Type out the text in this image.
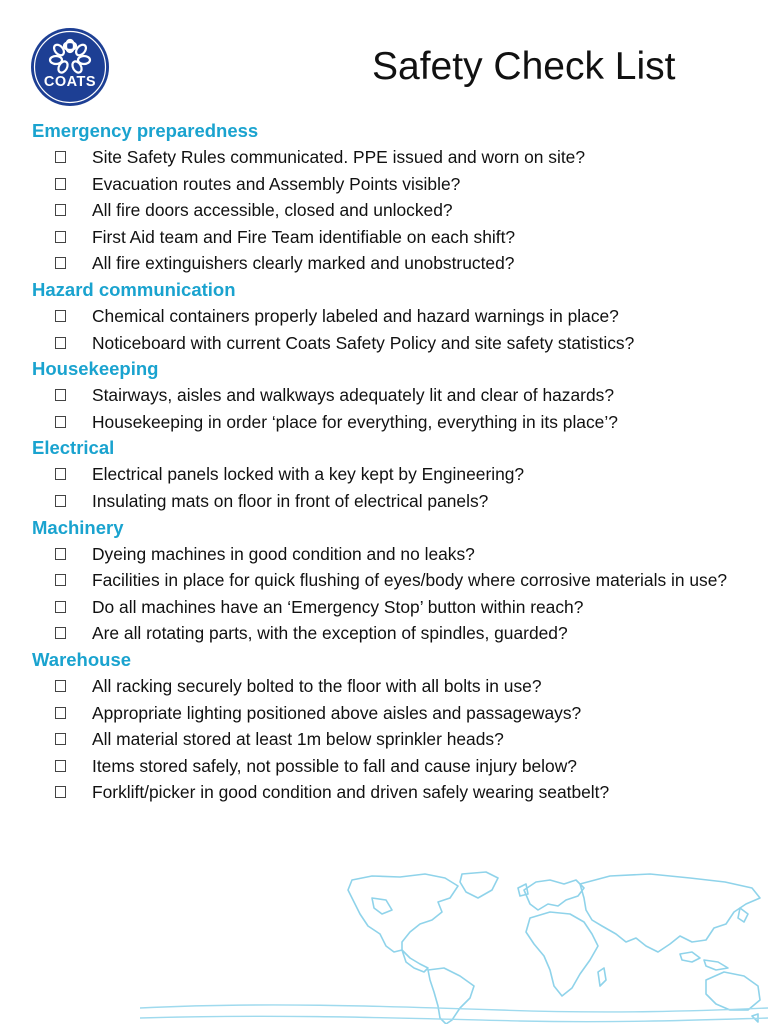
COATS	Safety Check List
Emergency preparedness
Site Safety Rules communicated. PPE issued and worn on site?
Evacuation routes and Assembly Points visible?
All fire doors accessible, closed and unlocked?
First Aid team and Fire Team identifiable on each shift?
All fire extinguishers clearly marked and unobstructed?
Hazard communication
Chemical containers properly labeled and hazard warnings in place?
Noticeboard with current Coats Safety Policy and site safety statistics?
Housekeeping
Stairways, aisles and walkways adequately lit and clear of hazards?
Housekeeping in order ‘place for everything, everything in its place’?
Electrical
Electrical panels locked with a key kept by Engineering?
Insulating mats on floor in front of electrical panels?
Machinery
Dyeing machines in good condition and no leaks?
Facilities in place for quick flushing of eyes/body where corrosive materials in use?
Do all machines have an ‘Emergency Stop’ button within reach?
Are all rotating parts, with the exception of spindles, guarded?
Warehouse
All racking securely bolted to the floor with all bolts in use?
Appropriate lighting positioned above aisles and passageways?
All material stored at least 1m below sprinkler heads?
Items stored safely, not possible to fall and cause injury below?
Forklift/picker in good condition and driven safely wearing seatbelt?
